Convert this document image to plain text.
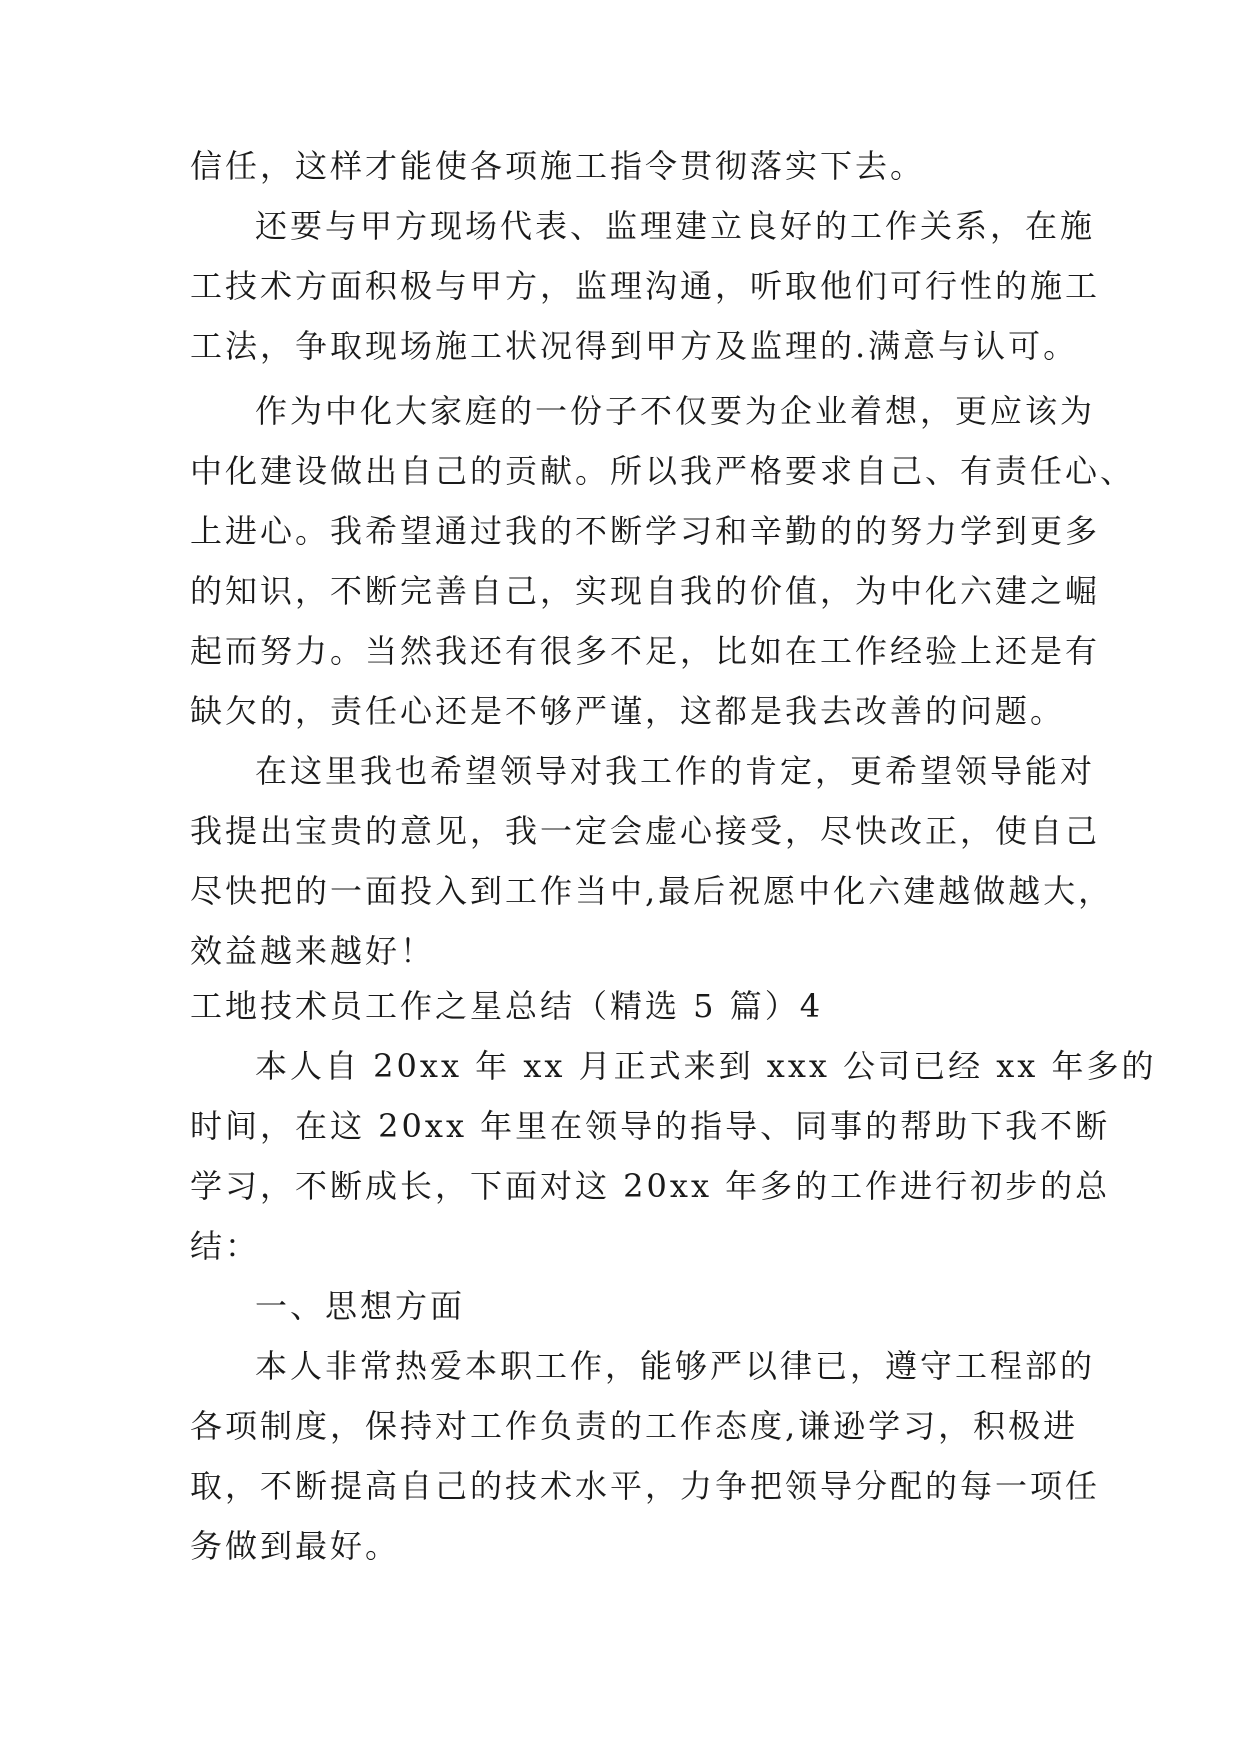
信任，这样才能使各项施工指令贯彻落实下去。
还要与甲方现场代表、监理建立良好的工作关系，在施
工技术方面积极与甲方，监理沟通，听取他们可行性的施工
工法，争取现场施工状况得到甲方及监理的.满意与认可。
作为中化大家庭的一份子不仅要为企业着想，更应该为
中化建设做出自己的贡献。所以我严格要求自己、有责任心、
上进心。我希望通过我的不断学习和辛勤的的努力学到更多
的知识，不断完善自己，实现自我的价值，为中化六建之崛
起而努力。当然我还有很多不足，比如在工作经验上还是有
缺欠的，责任心还是不够严谨，这都是我去改善的问题。
在这里我也希望领导对我工作的肯定，更希望领导能对
我提出宝贵的意见，我一定会虚心接受，尽快改正，使自己
尽快把的一面投入到工作当中,最后祝愿中化六建越做越大，
效益越来越好！
工地技术员工作之星总结（精选 5 篇）4
本人自 20xx 年 xx 月正式来到 xxx 公司已经 xx 年多的
时间，在这 20xx 年里在领导的指导、同事的帮助下我不断
学习，不断成长，下面对这 20xx 年多的工作进行初步的总
结：
一、思想方面
本人非常热爱本职工作，能够严以律已，遵守工程部的
各项制度，保持对工作负责的工作态度,谦逊学习，积极进
取，不断提高自己的技术水平，力争把领导分配的每一项任
务做到最好。
